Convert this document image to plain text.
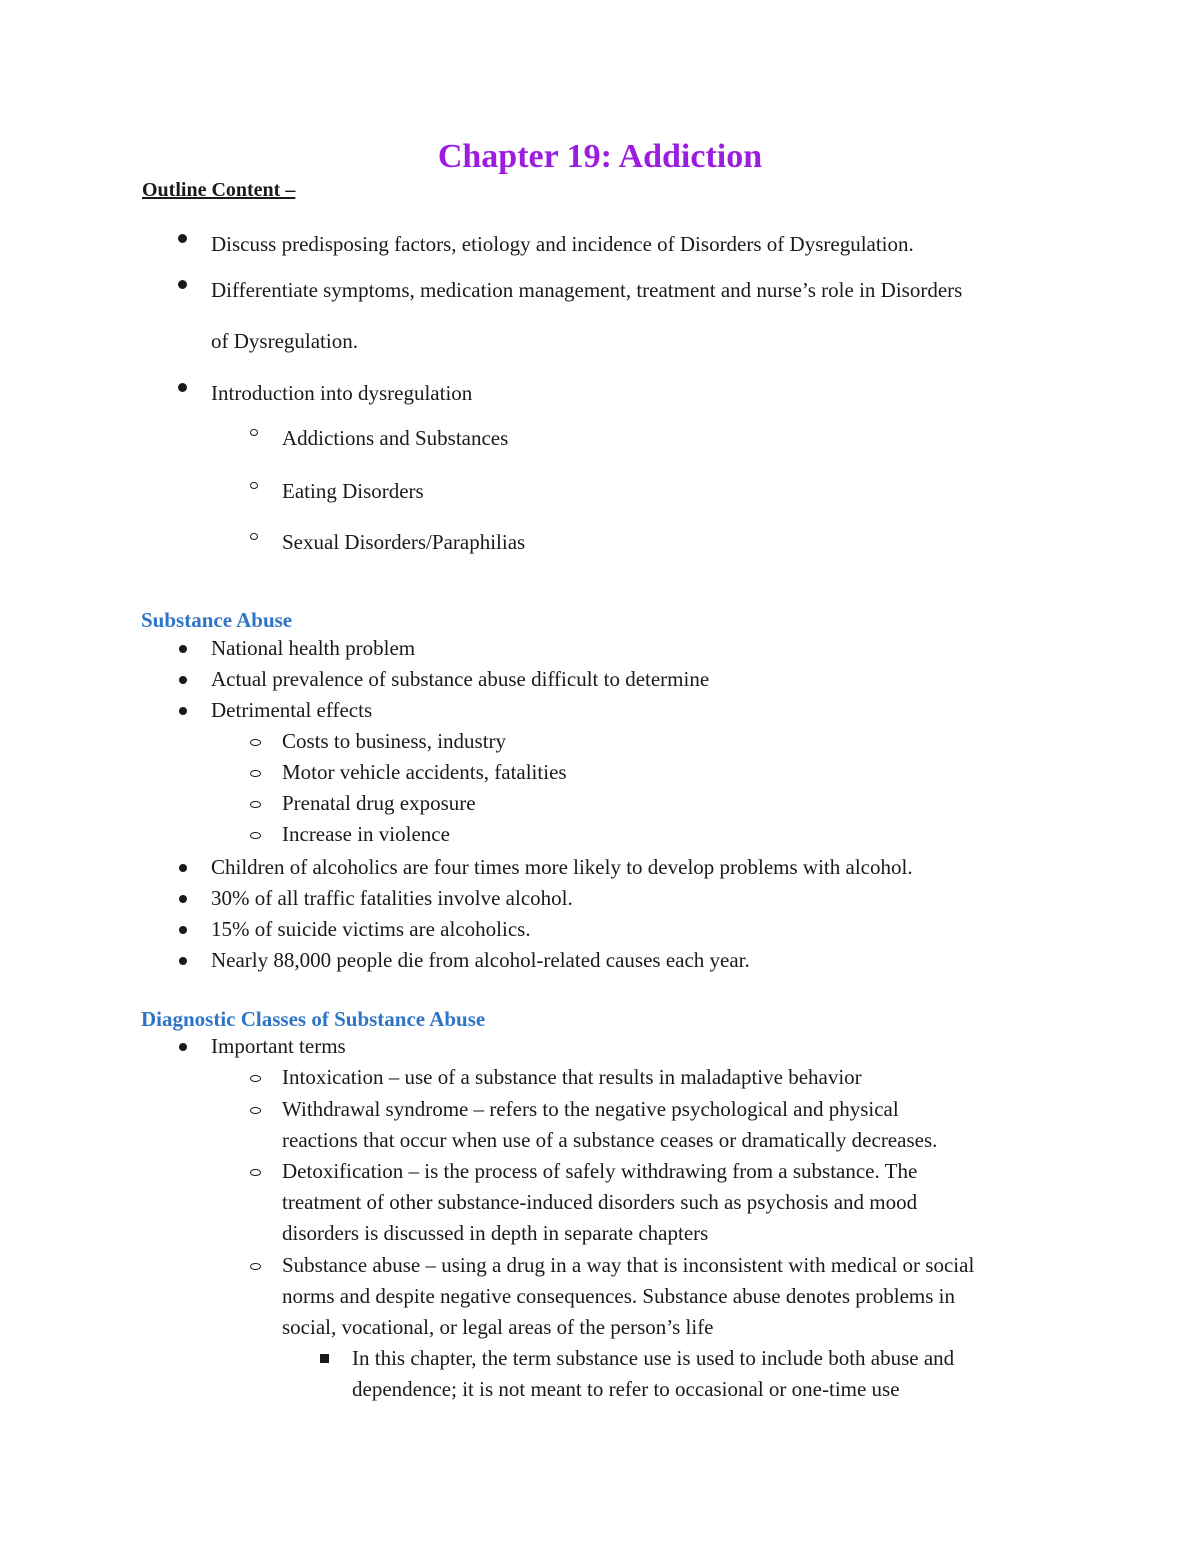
Chapter 19: Addiction
Outline Content –
Discuss predisposing factors, etiology and incidence of Disorders of Dysregulation.
Differentiate symptoms, medication management, treatment and nurse’s role in Disorders
of Dysregulation.
Introduction into dysregulation
Addictions and Substances
Eating Disorders
Sexual Disorders/Paraphilias
Substance Abuse
National health problem
Actual prevalence of substance abuse difficult to determine
Detrimental effects
Costs to business, industry
Motor vehicle accidents, fatalities
Prenatal drug exposure
Increase in violence
Children of alcoholics are four times more likely to develop problems with alcohol.
30% of all traffic fatalities involve alcohol.
15% of suicide victims are alcoholics.
Nearly 88,000 people die from alcohol-related causes each year.
Diagnostic Classes of Substance Abuse
Important terms
Intoxication – use of a substance that results in maladaptive behavior
Withdrawal syndrome – refers to the negative psychological and physical
reactions that occur when use of a substance ceases or dramatically decreases.
Detoxification – is the process of safely withdrawing from a substance. The
treatment of other substance-induced disorders such as psychosis and mood
disorders is discussed in depth in separate chapters
Substance abuse – using a drug in a way that is inconsistent with medical or social
norms and despite negative consequences. Substance abuse denotes problems in
social, vocational, or legal areas of the person’s life
In this chapter, the term substance use is used to include both abuse and
dependence; it is not meant to refer to occasional or one-time use
